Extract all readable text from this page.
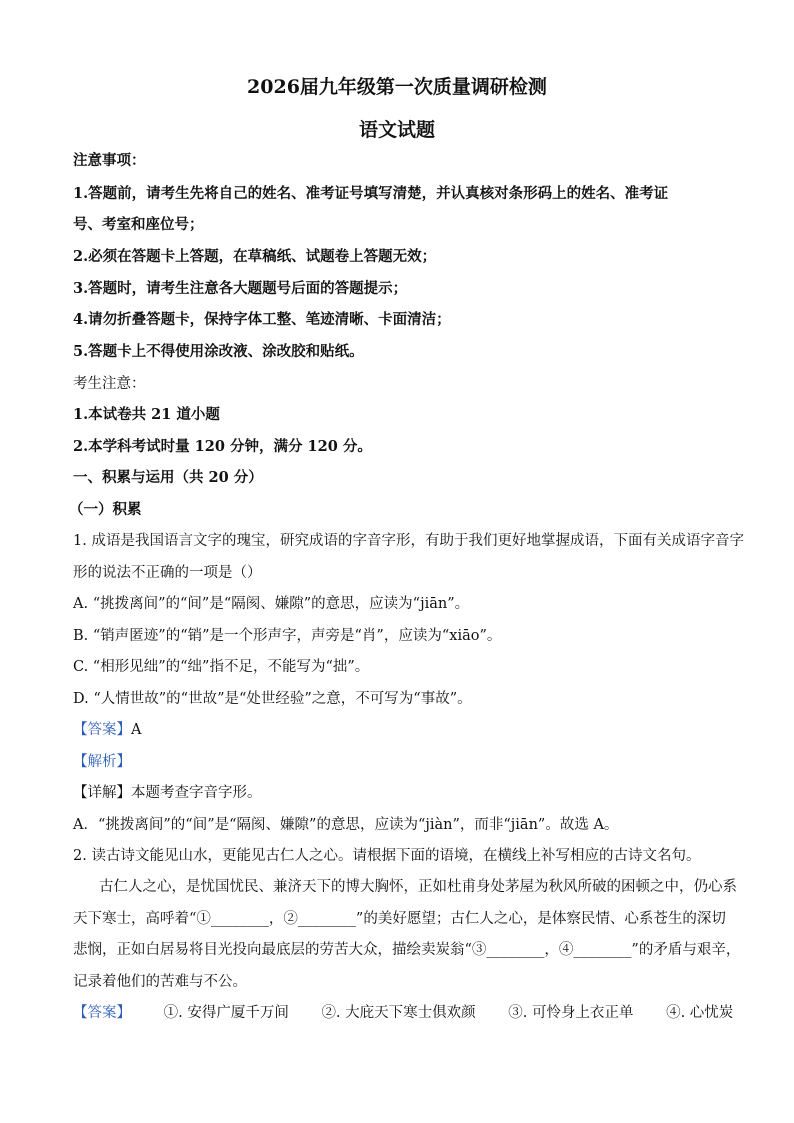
2026届九年级第一次质量调研检测
语文试题
注意事项：
1.答题前，请考生先将自己的姓名、准考证号填写清楚，并认真核对条形码上的姓名、准考证
号、考室和座位号；
2.必须在答题卡上答题，在草稿纸、试题卷上答题无效；
3.答题时，请考生注意各大题题号后面的答题提示；
4.请勿折叠答题卡，保持字体工整、笔迹清晰、卡面清洁；
5.答题卡上不得使用涂改液、涂改胶和贴纸。
考生注意：
1.本试卷共 21 道小题
2.本学科考试时量 120 分钟，满分 120 分。
一、积累与运用（共 20 分）
（一）积累
1. 成语是我国语言文字的瑰宝，研究成语的字音字形，有助于我们更好地掌握成语，下面有关成语字音字
形的说法不正确的一项是（）
A. “挑拨离间”的“间”是“隔阂、嫌隙”的意思，应读为“jiān”。
B. “销声匿迹”的“销”是一个形声字，声旁是“肖”，应读为“xiāo”。
C. “相形见绌”的“绌”指不足，不能写为“拙”。
D. “人情世故”的“世故”是“处世经验”之意，不可写为“事故”。
【答案】A
【解析】
【详解】本题考查字音字形。
A．“挑拨离间”的“间”是“隔阂、嫌隙”的意思，应读为“jiàn”，而非“jiān”。故选 A。
2. 读古诗文能见山水，更能见古仁人之心。请根据下面的语境，在横线上补写相应的古诗文名句。
古仁人之心，是忧国忧民、兼济天下的博大胸怀，正如杜甫身处茅屋为秋风所破的困顿之中，仍心系
天下寒士，高呼着“①________，②________”的美好愿望；古仁人之心，是体察民情、心系苍生的深切
悲悯，正如白居易将目光投向最底层的劳苦大众，描绘卖炭翁“③________，④________”的矛盾与艰辛，
记录着他们的苦难与不公。
【答案】 ①. 安得广厦千万间 ②. 大庇天下寒士俱欢颜 ③. 可怜身上衣正单 ④. 心忧炭
